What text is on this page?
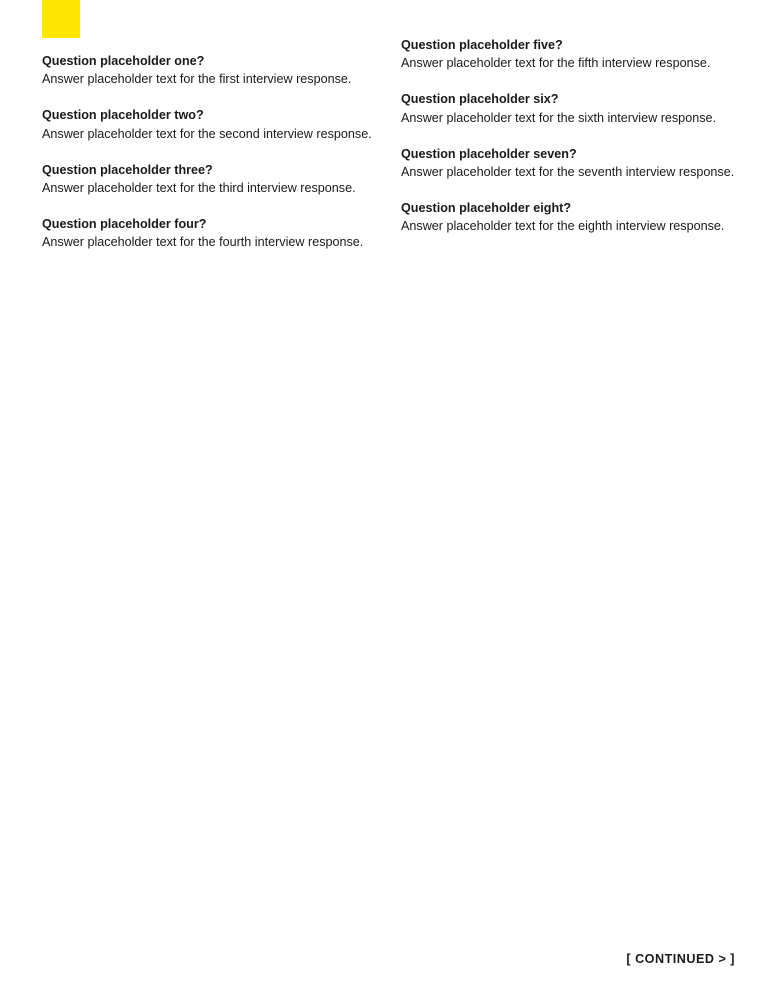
Question placeholder one?
Answer placeholder text for the first interview response.
Question placeholder two?
Answer placeholder text for the second interview response.
Question placeholder three?
Answer placeholder text for the third interview response.
Question placeholder four?
Answer placeholder text for the fourth interview response.
Question placeholder five?
Answer placeholder text for the fifth interview response.
Question placeholder six?
Answer placeholder text for the sixth interview response.
Question placeholder seven?
Answer placeholder text for the seventh interview response.
Question placeholder eight?
Answer placeholder text for the eighth interview response.
[ CONTINUED > ]
